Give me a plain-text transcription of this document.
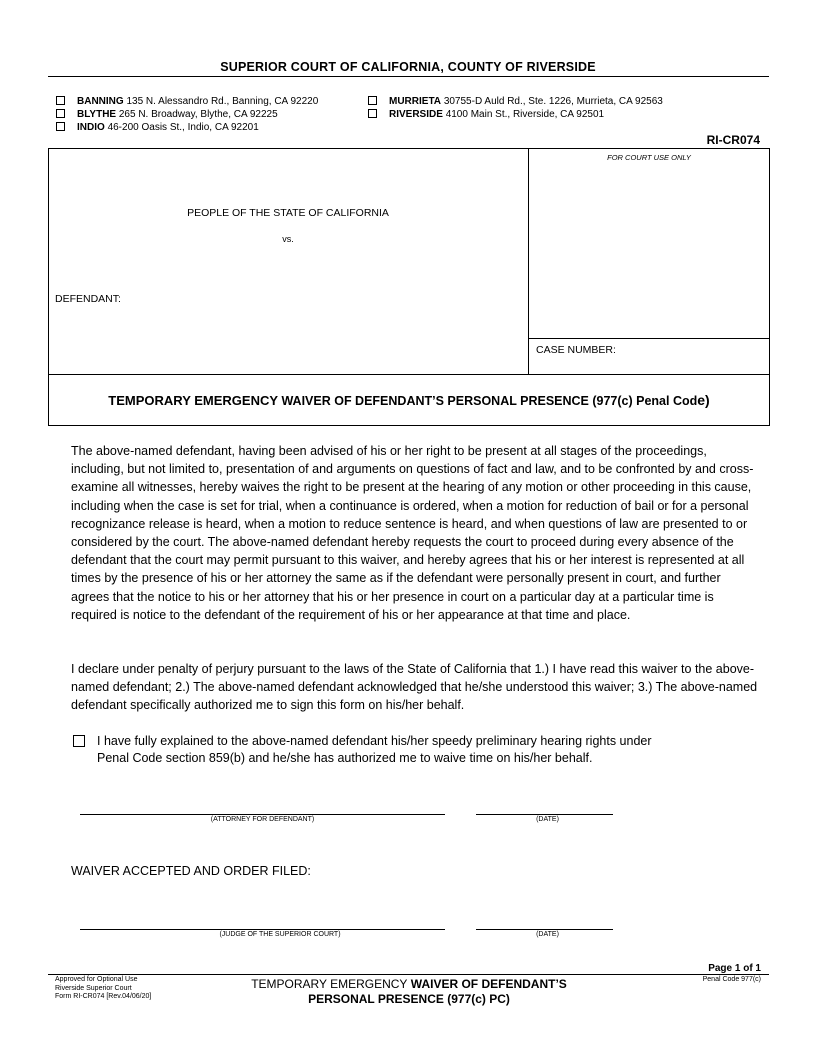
SUPERIOR COURT OF CALIFORNIA, COUNTY OF RIVERSIDE
BANNING 135 N. Alessandro Rd., Banning, CA 92220
BLYTHE 265 N. Broadway, Blythe, CA 92225
INDIO 46-200 Oasis St., Indio, CA 92201
MURRIETA 30755-D Auld Rd., Ste. 1226, Murrieta, CA 92563
RIVERSIDE 4100 Main St., Riverside, CA 92501
RI-CR074
FOR COURT USE ONLY
PEOPLE OF THE STATE OF CALIFORNIA
vs.
DEFENDANT:
CASE NUMBER:
TEMPORARY EMERGENCY WAIVER OF DEFENDANT’S PERSONAL PRESENCE (977(c) Penal Code)
The above-named defendant, having been advised of his or her right to be present at all stages of the proceedings, including, but not limited to, presentation of and arguments on questions of fact and law, and to be confronted by and cross-examine all witnesses, hereby waives the right to be present at the hearing of any motion or other proceeding in this cause, including when the case is set for trial, when a continuance is ordered, when a motion for reduction of bail or for a personal recognizance release is heard, when a motion to reduce sentence is heard, and when questions of law are presented to or considered by the court. The above-named defendant hereby requests the court to proceed during every absence of the defendant that the court may permit pursuant to this waiver, and hereby agrees that his or her interest is represented at all times by the presence of his or her attorney the same as if the defendant were personally present in court, and further agrees that the notice to his or her attorney that his or her presence in court on a particular day at a particular time is required is notice to the defendant of the requirement of his or her appearance at that time and place.
I declare under penalty of perjury pursuant to the laws of the State of California that 1.) I have read this waiver to the above-named defendant; 2.) The above-named defendant acknowledged that he/she understood this waiver; 3.) The above-named defendant specifically authorized me to sign this form on his/her behalf.
I have fully explained to the above-named defendant his/her speedy preliminary hearing rights under
Penal Code section 859(b) and he/she has authorized me to waive time on his/her behalf.
(ATTORNEY FOR DEFENDANT)	(DATE)
WAIVER ACCEPTED AND ORDER FILED:
(JUDGE OF THE SUPERIOR COURT)	(DATE)
Page 1 of 1
Approved for Optional Use
Riverside Superior Court
Form RI-CR074 [Rev.04/06/20]
TEMPORARY EMERGENCY WAIVER OF DEFENDANT’S
PERSONAL PRESENCE (977(c) PC)
Penal Code 977(c)
